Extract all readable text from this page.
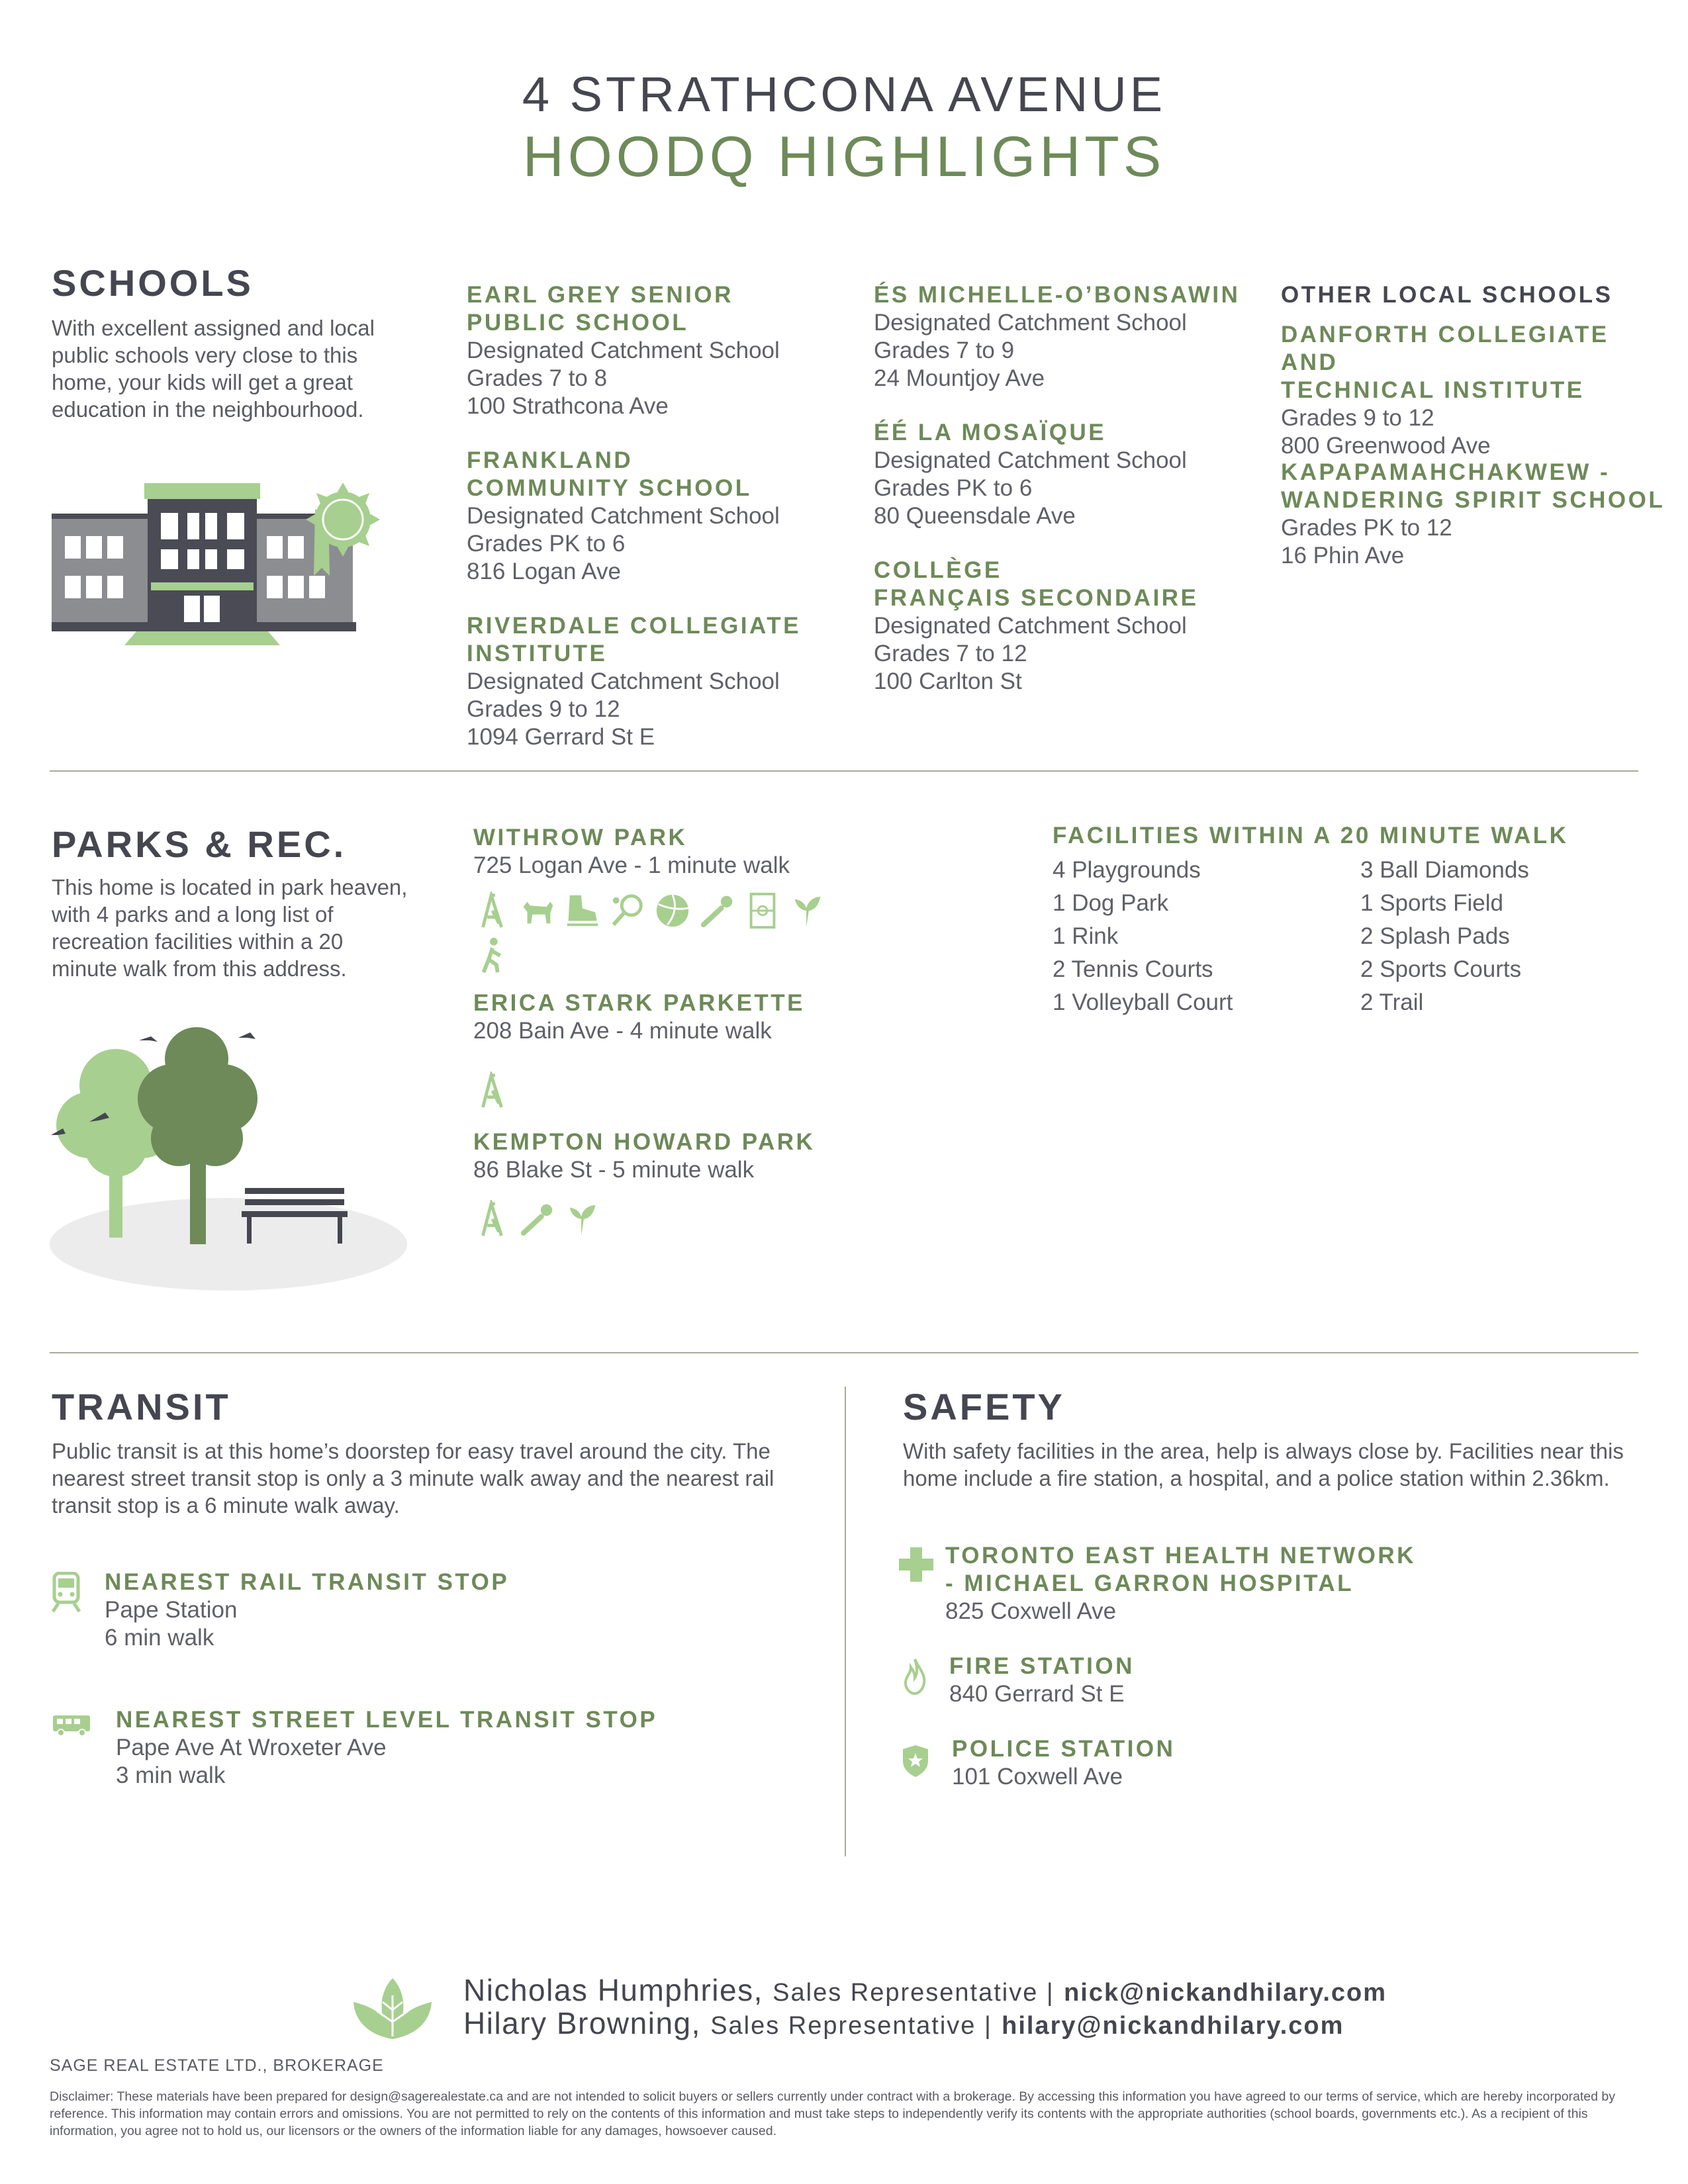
4 STRATHCONA AVENUE
HOODQ HIGHLIGHTS
SCHOOLS
With excellent assigned and local public schools very close to this home, your kids will get a great education in the neighbourhood.
EARL GREY SENIOR
PUBLIC SCHOOL
Designated Catchment School
Grades 7 to 8
100 Strathcona Ave
FRANKLAND
COMMUNITY SCHOOL
Designated Catchment School
Grades PK to 6
816 Logan Ave
RIVERDALE COLLEGIATE
INSTITUTE
Designated Catchment School
Grades 9 to 12
1094 Gerrard St E
ÉS MICHELLE-O’BONSAWIN
Designated Catchment School
Grades 7 to 9
24 Mountjoy Ave
ÉÉ LA MOSAÏQUE
Designated Catchment School
Grades PK to 6
80 Queensdale Ave
COLLÈGE
FRANÇAIS SECONDAIRE
Designated Catchment School
Grades 7 to 12
100 Carlton St
OTHER LOCAL SCHOOLS
DANFORTH COLLEGIATE AND
TECHNICAL INSTITUTE
Grades 9 to 12
800 Greenwood Ave
KAPAPAMAHCHAKWEW -
WANDERING SPIRIT SCHOOL
Grades PK to 12
16 Phin Ave
PARKS & REC.
This home is located in park heaven, with 4 parks and a long list of recreation facilities within a 20 minute walk from this address.
WITHROW PARK
725 Logan Ave - 1 minute walk
ERICA STARK PARKETTE
208 Bain Ave - 4 minute walk
KEMPTON HOWARD PARK
86 Blake St - 5 minute walk
FACILITIES WITHIN A 20 MINUTE WALK
4 Playgrounds
1 Dog Park
1 Rink
2 Tennis Courts
1 Volleyball Court
3 Ball Diamonds
1 Sports Field
2 Splash Pads
2 Sports Courts
2 Trail
TRANSIT
Public transit is at this home’s doorstep for easy travel around the city. The nearest street transit stop is only a 3 minute walk away and the nearest rail transit stop is a 6 minute walk away.
NEAREST RAIL TRANSIT STOP
Pape Station
6 min walk
NEAREST STREET LEVEL TRANSIT STOP
Pape Ave At Wroxeter Ave
3 min walk
SAFETY
With safety facilities in the area, help is always close by. Facilities near this home include a fire station, a hospital, and a police station within 2.36km.
TORONTO EAST HEALTH NETWORK
- MICHAEL GARRON HOSPITAL
825 Coxwell Ave
FIRE STATION
840 Gerrard St E
POLICE STATION
101 Coxwell Ave
Nicholas Humphries, Sales Representative | nick@nickandhilary.com
Hilary Browning, Sales Representative | hilary@nickandhilary.com
SAGE REAL ESTATE LTD., BROKERAGE
Disclaimer: These materials have been prepared for design@sagerealestate.ca and are not intended to solicit buyers or sellers currently under contract with a brokerage. By accessing this information you have agreed to our terms of service, which are hereby incorporated by reference. This information may contain errors and omissions. You are not permitted to rely on the contents of this information and must take steps to independently verify its contents with the appropriate authorities (school boards, governments etc.). As a recipient of this information, you agree not to hold us, our licensors or the owners of the information liable for any damages, howsoever caused.
